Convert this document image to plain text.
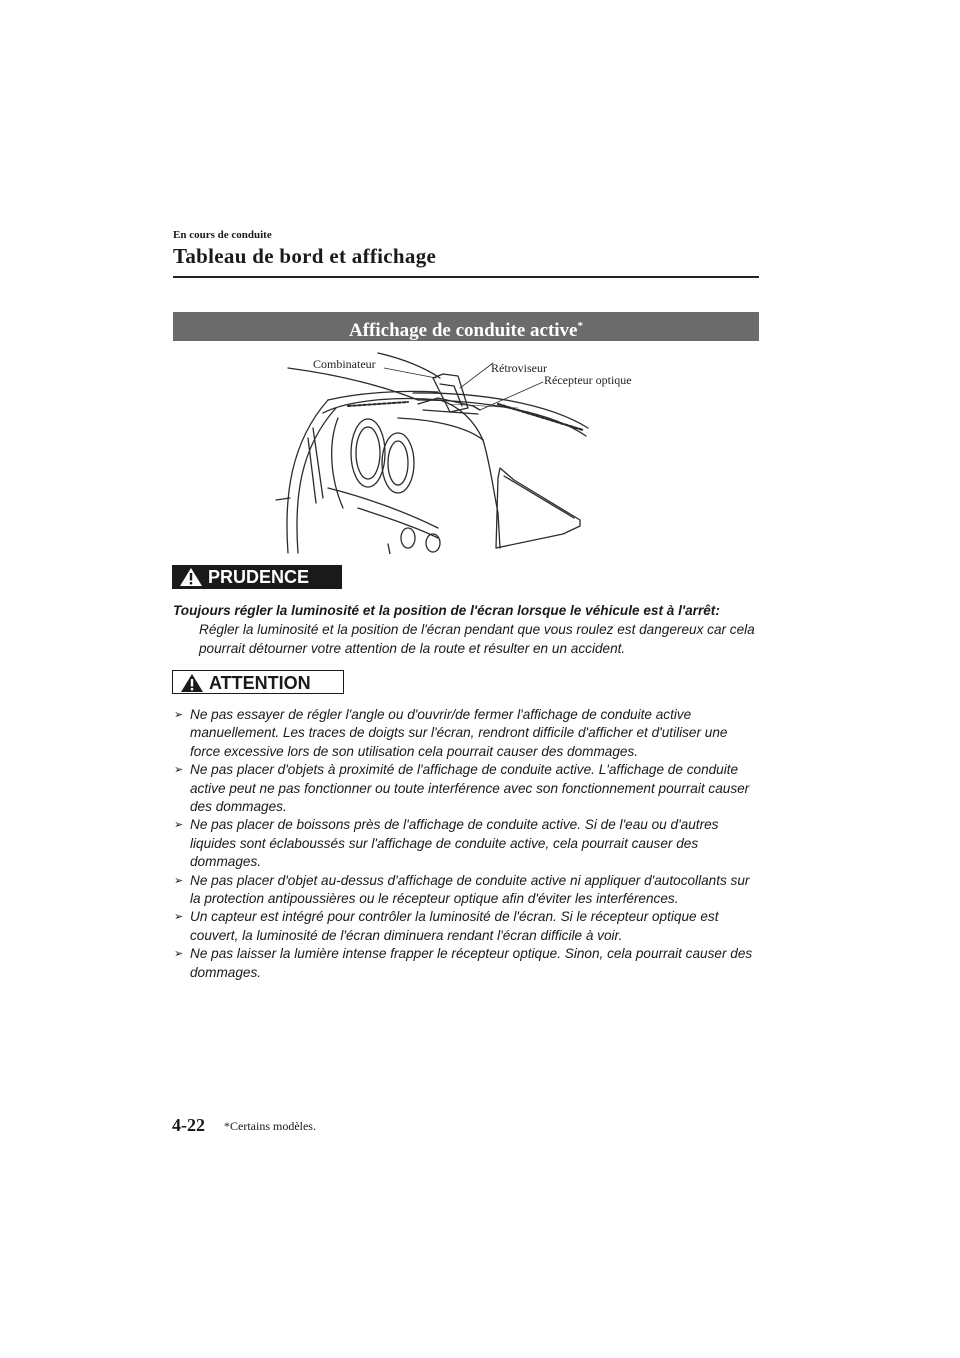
En cours de conduite
Tableau de bord et affichage
Affichage de conduite active*
Combinateur	Rétroviseur
Récepteur optique
PRUDENCE
Toujours régler la luminosité et la position de l'écran lorsque le véhicule est à l'arrêt:
Régler la luminosité et la position de l'écran pendant que vous roulez est dangereux car cela pourrait détourner votre attention de la route et résulter en un accident.
ATTENTION
➢ Ne pas essayer de régler l'angle ou d'ouvrir/de fermer l'affichage de conduite active manuellement. Les traces de doigts sur l'écran, rendront difficile d'afficher et d'utiliser une force excessive lors de son utilisation cela pourrait causer des dommages.
➢ Ne pas placer d'objets à proximité de l'affichage de conduite active. L'affichage de conduite active peut ne pas fonctionner ou toute interférence avec son fonctionnement pourrait causer des dommages.
➢ Ne pas placer de boissons près de l'affichage de conduite active. Si de l'eau ou d'autres liquides sont éclaboussés sur l'affichage de conduite active, cela pourrait causer des dommages.
➢ Ne pas placer d'objet au-dessus d'affichage de conduite active ni appliquer d'autocollants sur la protection antipoussières ou le récepteur optique afin d'éviter les interférences.
➢ Un capteur est intégré pour contrôler la luminosité de l'écran. Si le récepteur optique est couvert, la luminosité de l'écran diminuera rendant l'écran difficile à voir.
➢ Ne pas laisser la lumière intense frapper le récepteur optique. Sinon, cela pourrait causer des dommages.
4-22 *Certains modèles.
